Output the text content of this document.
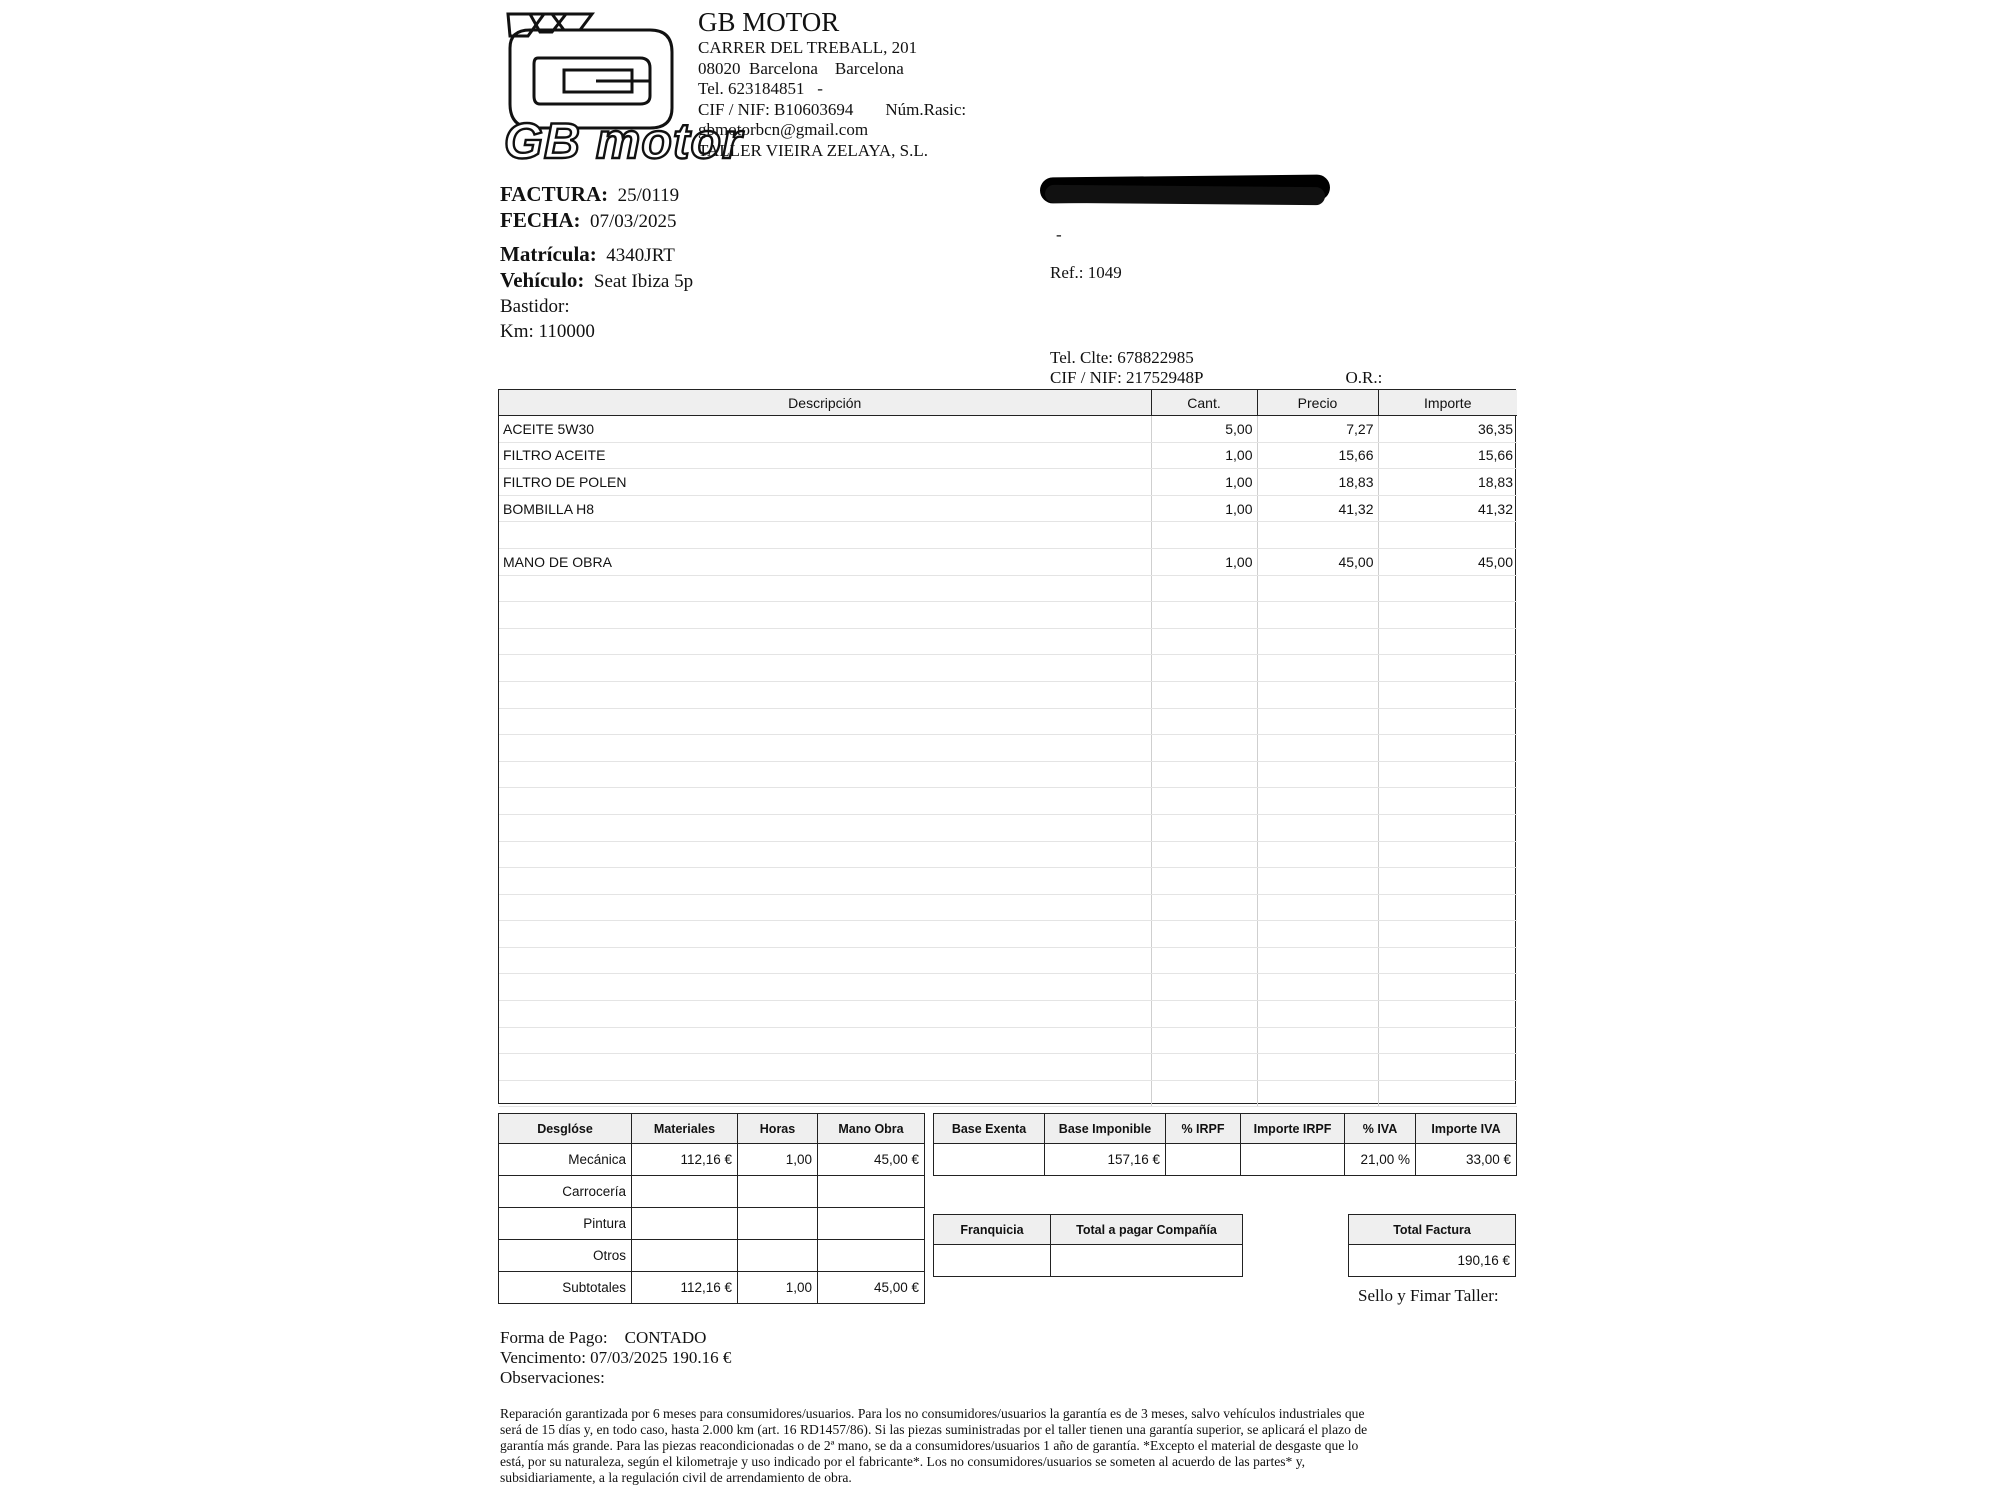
GB motor
GB MOTOR
CARRER DEL TREBALL, 201
08020  Barcelona    Barcelona
Tel. 623184851   -
CIF / NIF: B10603694 Núm.Rasic:
gbmotorbcn@gmail.com
TALLER VIEIRA ZELAYA, S.L.
FACTURA: 25/0119
FECHA: 07/03/2025
Matrícula: 4340JRT
Vehículo: Seat Ibiza 5p
Bastidor:
Km: 110000
-
Ref.: 1049
Tel. Clte: 678822985
CIF / NIF: 21752948P	O.R.:
Descripción	Cant.	Precio	Importe
ACEITE 5W30	5,00	7,27	36,35
FILTRO ACEITE	1,00	15,66	15,66
FILTRO DE POLEN	1,00	18,83	18,83
BOMBILLA H8	1,00	41,32	41,32

MANO DE OBRA	1,00	45,00	45,00

Desglóse	Materiales	Horas	Mano Obra
Mecánica	112,16 €	1,00	45,00 €
Carrocería			
Pintura			
Otros			
Subtotales	112,16 €	1,00	45,00 €
Base Exenta	Base Imponible	% IRPF	Importe IRPF	% IVA	Importe IVA
	157,16 €			21,00 %	33,00 €
Franquicia	Total a pagar Compañía
		Total Factura
190,16 €
Sello y Fimar Taller:
Forma de Pago:    CONTADO
Vencimento: 07/03/2025 190.16 €
Observaciones:
Reparación garantizada por 6 meses para consumidores/usuarios. Para los no consumidores/usuarios la garantía es de 3 meses, salvo vehículos industriales que será de 15 días y, en todo caso, hasta 2.000 km (art. 16 RD1457/86). Si las piezas suministradas por el taller tienen una garantía superior, se aplicará el plazo de garantía más grande. Para las piezas reacondicionadas o de 2ª mano, se da a consumidores/usuarios 1 año de garantía. *Excepto el material de desgaste que lo está, por su naturaleza, según el kilometraje y uso indicado por el fabricante*. Los no consumidores/usuarios se someten al acuerdo de las partes* y, subsidiariamente, a la regulación civil de arrendamiento de obra.
